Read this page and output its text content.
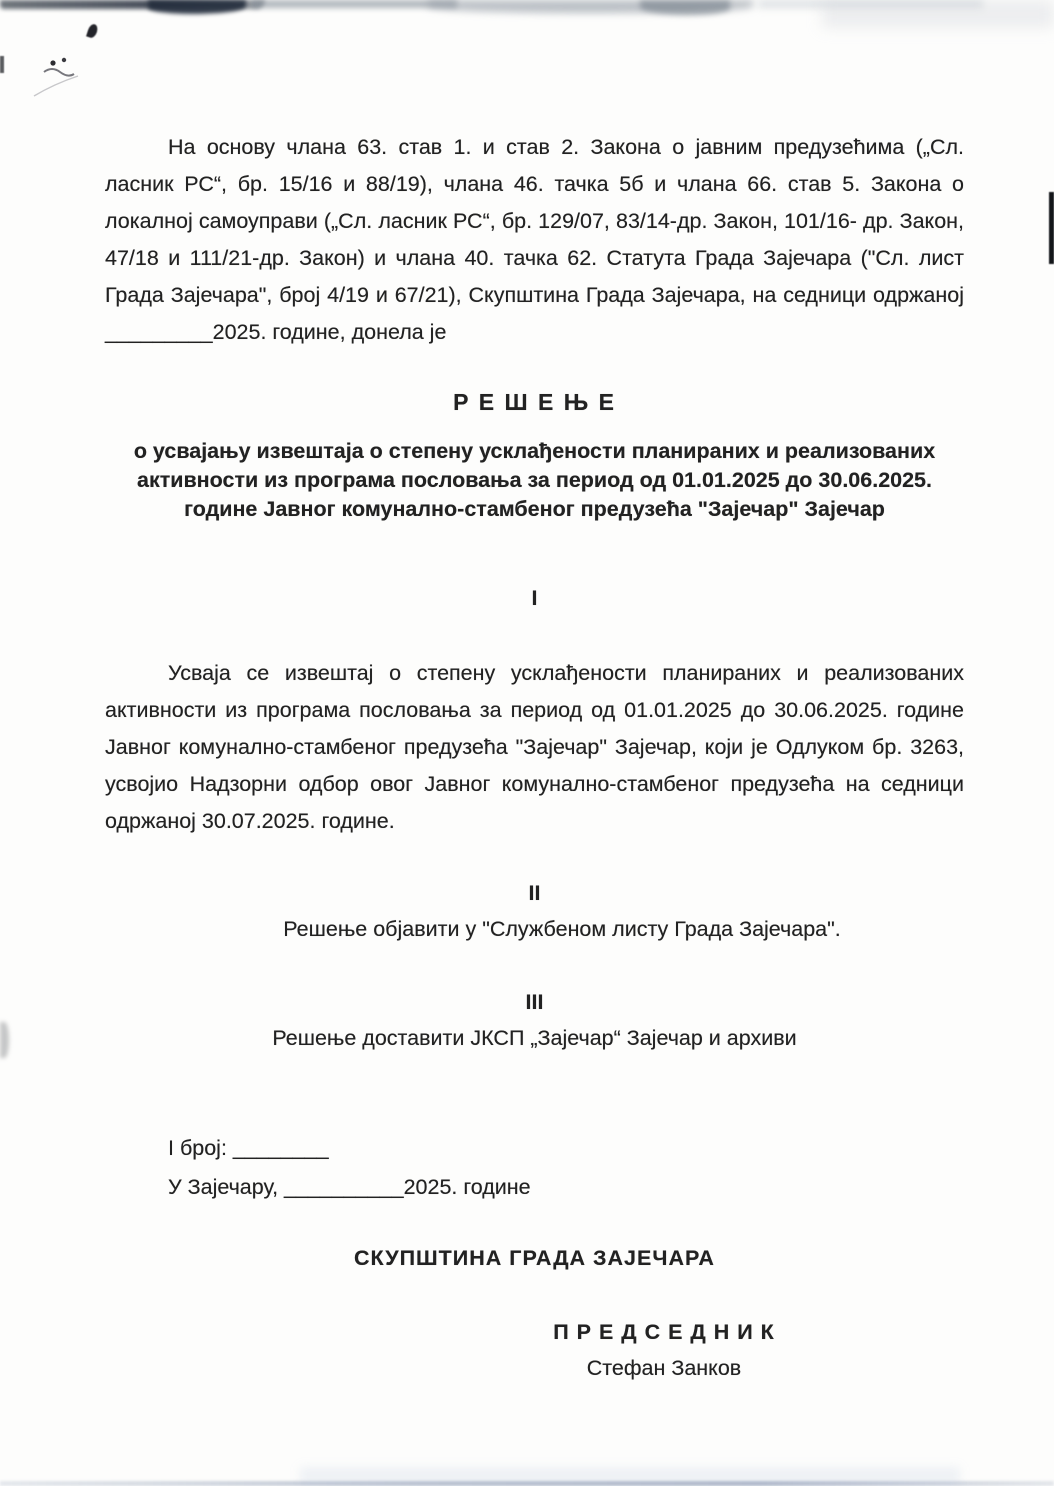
На основу члана 63. став 1. и став 2. Закона о јавним предузећима („Сл. ласник РС“, бр. 15/16 и 88/19), члана 46. тачка 5б и члана 66. став 5. Закона о локалној самоуправи („Сл. ласник РС“, бр. 129/07, 83/14-др. Закон, 101/16- др. Закон, 47/18 и 111/21-др. Закон) и члана 40. тачка 62. Статута Града Зајечара ("Сл. лист Града Зајечара", број 4/19 и 67/21), Скупштина Града Зајечара, на седници одржаној _________2025. године, донела је

Р Е Ш Е Њ Е
о усвајању извештаја о степену усклађености планираних и реализованих
активности из програма пословања за период од 01.01.2025 до 30.06.2025.
године Јавног комунално-стамбеног предузећа "Зајечар" Зајечар
I

Усваја се извештај о степену усклађености планираних и реализованих активности из програма пословања за период од 01.01.2025 до 30.06.2025. године Јавног комунално-стамбеног предузећа "Зајечар" Зајечар, који је Одлуком бр. 3263, усвојио Надзорни одбор овог Јавног комунално-стамбеног предузећа на седници одржаној 30.07.2025. године.

II

Решење објавити у "Службеном листу Града Зајечара".

III

Решење доставити ЈКСП „Зајечар“ Зајечар и архиви

I број: ________
У Зајечару, __________2025. године
СКУПШТИНА ГРАДА ЗАЈЕЧАРА
П Р Е Д С Е Д Н И К
Стефан Занков
